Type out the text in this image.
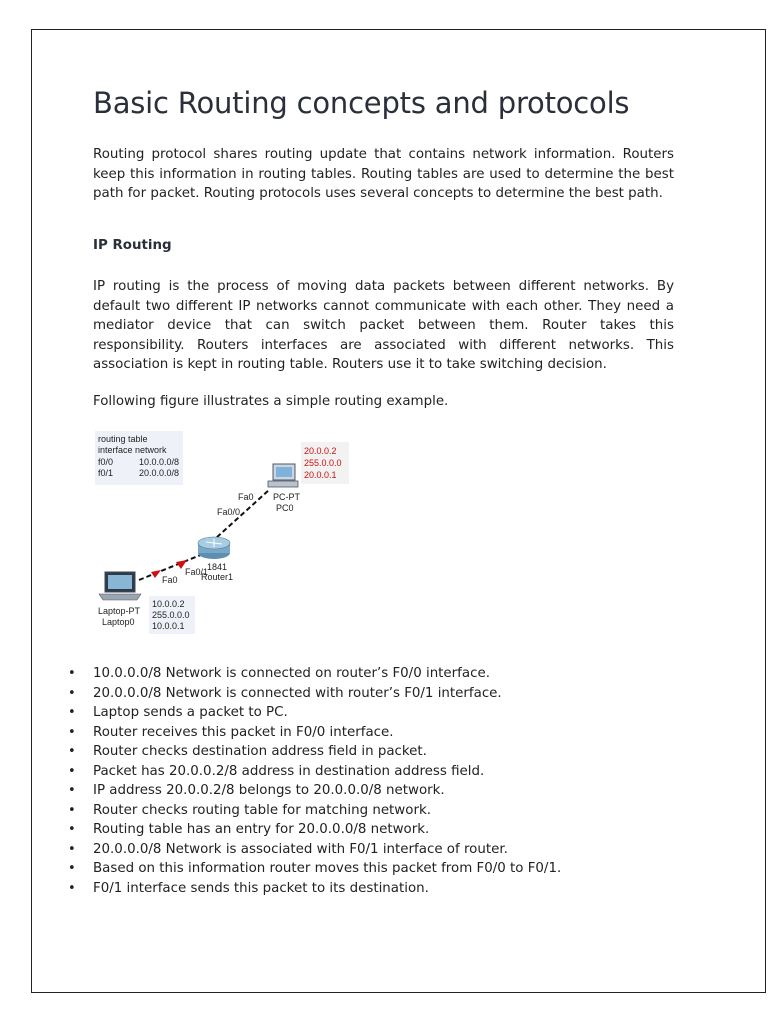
Basic Routing concepts and protocols

Routing protocol shares routing update that contains network information. Routers keep this information in routing tables. Routing tables are used to determine the best path for packet. Routing protocols uses several concepts to determine the best path.

IP Routing

IP routing is the process of moving data packets between different networks. By default two different IP networks cannot communicate with each other. They need a mediator device that can switch packet between them. Router takes this responsibility. Routers interfaces are associated with different networks. This association is kept in routing table. Routers use it to take switching decision.

Following figure illustrates a simple routing example.

routing table
interface network
f0/0	10.0.0.0/8
f0/1	20.0.0.0/8
20.0.0.2
255.0.0.0
20.0.0.1
1841
Router1
PC-PT
PC0
Laptop-PT
Laptop0
10.0.0.2
255.0.0.0
10.0.0.1
Fa0
Fa0/0
Fa0/1
Fa0
• 10.0.0.0/8 Network is connected on router’s F0/0 interface.
• 20.0.0.0/8 Network is connected with router’s F0/1 interface.
• Laptop sends a packet to PC.
• Router receives this packet in F0/0 interface.
• Router checks destination address field in packet.
• Packet has 20.0.0.2/8 address in destination address field.
• IP address 20.0.0.2/8 belongs to 20.0.0.0/8 network.
• Router checks routing table for matching network.
• Routing table has an entry for 20.0.0.0/8 network.
• 20.0.0.0/8 Network is associated with F0/1 interface of router.
• Based on this information router moves this packet from F0/0 to F0/1.
• F0/1 interface sends this packet to its destination.
